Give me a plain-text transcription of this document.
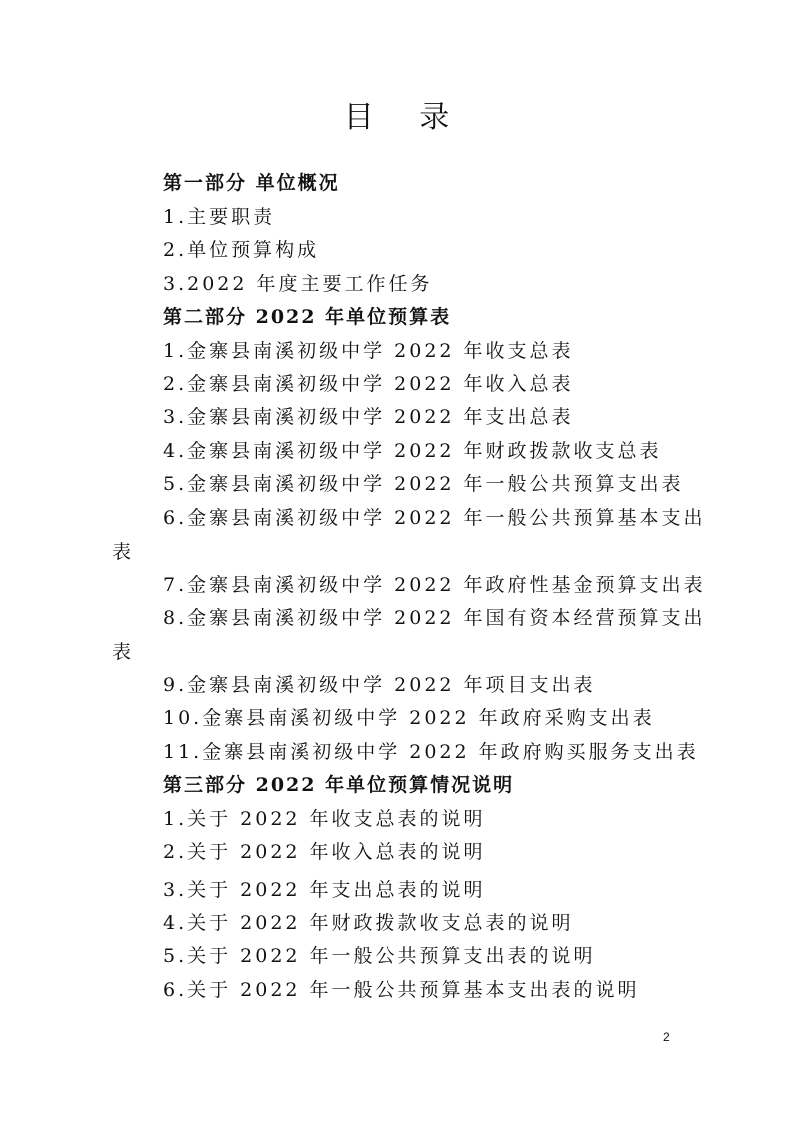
目 录
第一部分 单位概况
1.主要职责
2.单位预算构成
3.2022 年度主要工作任务
第二部分 2022 年单位预算表
1.金寨县南溪初级中学 2022 年收支总表
2.金寨县南溪初级中学 2022 年收入总表
3.金寨县南溪初级中学 2022 年支出总表
4.金寨县南溪初级中学 2022 年财政拨款收支总表
5.金寨县南溪初级中学 2022 年一般公共预算支出表
6.金寨县南溪初级中学 2022 年一般公共预算基本支出
表
7.金寨县南溪初级中学 2022 年政府性基金预算支出表
8.金寨县南溪初级中学 2022 年国有资本经营预算支出
表
9.金寨县南溪初级中学 2022 年项目支出表
10.金寨县南溪初级中学 2022 年政府采购支出表
11.金寨县南溪初级中学 2022 年政府购买服务支出表
第三部分 2022 年单位预算情况说明
1.关于 2022 年收支总表的说明
2.关于 2022 年收入总表的说明
3.关于 2022 年支出总表的说明
4.关于 2022 年财政拨款收支总表的说明
5.关于 2022 年一般公共预算支出表的说明
6.关于 2022 年一般公共预算基本支出表的说明
2
